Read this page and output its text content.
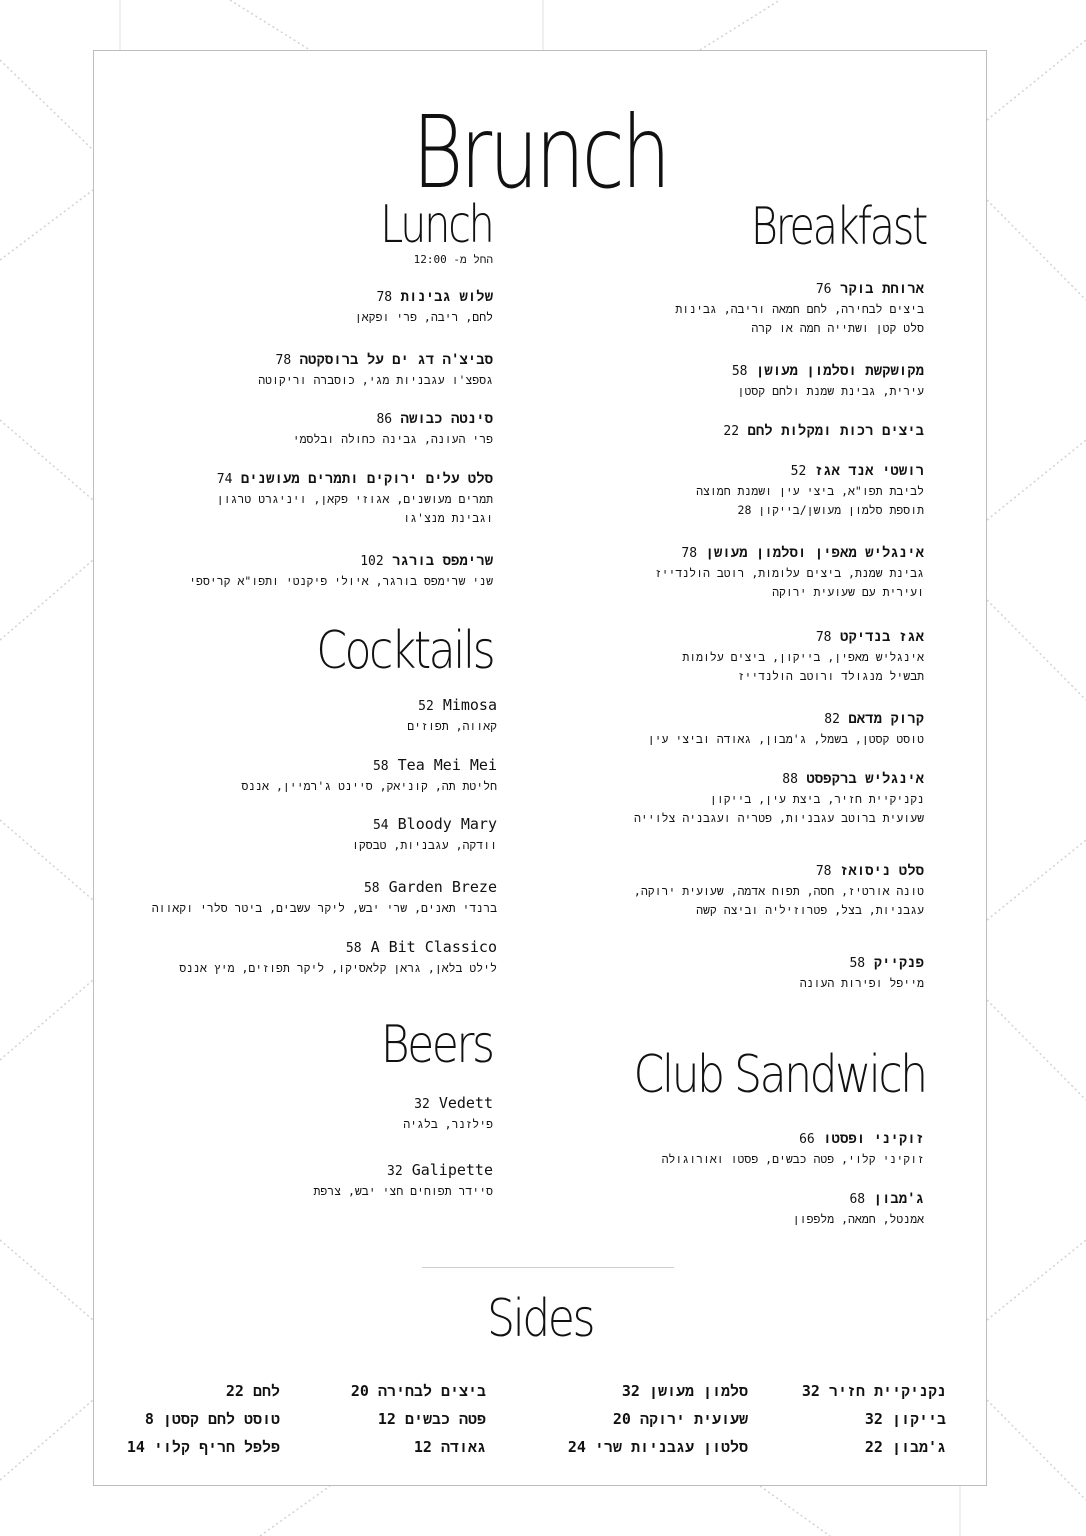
Brunch
Lunch
החל מ- 12:00
Cocktails
Beers
Breakfast
Club Sandwich
Sides
78 שלוש גבינות
לחם, ריבה, פרי ופקאן
78 סביצ'ה דג ים על ברוסקטה
גספצ'ו עגבניות מגי, כוסברה וריקוטה
86 סינטה כבושה
פרי העונה, גבינה כחולה ובלסמי
74 סלט עלים ירוקים ותמרים מעושנים
תמרים מעושנים, אגוזי פקאן, ויניגרט טרגון
וגבינת מנצ'גו
102 שרימפס בורגר
שני שרימפס בורגר, איולי פיקנטי ותפו"א קריספי
52 Mimosa
קאווה, תפוזים
58 Tea Mei Mei
חליטת תה, קוניאק, סיינט ג'רמיין, אננס
54 Bloody Mary
וודקה, עגבניות, טבסקו
58 Garden Breze
ברנדי תאנים, שרי יבש, ליקר עשבים, ביטר סלרי וקאווה
58 A Bit Classico
לילט בלאן, גראן קלאסיקו, ליקר תפוזים, מיץ אננס
32 Vedett
פילזנר, בלגיה
32 Galipette
סיידר תפוחים חצי יבש, צרפת
76 ארוחת בוקר
ביצים לבחירה, לחם חמאה וריבה, גבינות
סלט קטן ושתייה חמה או קרה
58 מקושקשת וסלמון מעושן
עירית, גבינת שמנת ולחם קסטן
22 ביצים רכות ומקלות לחם
52 רושטי אנד אגז
לביבת תפו"א, ביצי עין ושמנת חמוצה
תוספת סלמון מעושן/בייקון 28
78 אינגליש מאפין וסלמון מעושן
גבינת שמנת, ביצים עלומות, רוטב הולנדייז
ועירית עם שעועית ירוקה
78 אגז בנדיקט
אינגליש מאפין, בייקון, ביצים עלומות
תבשיל מנגולד ורוטב הולנדייז
82 קרוק מדאם
טוסט קסטן, בשמל, ג'מבון, גאודה וביצי עין
88 אינגליש ברקפסט
נקניקיית חזיר, ביצת עין, בייקון
שעועית ברוטב עגבניות, פטריה ועגבניה צלוייה
78 סלט ניסואז
טונה אורטיז, חסה, תפוח אדמה, שעועית ירוקה,
עגבניות, בצל, פטרוזיליה וביצה קשה
58 פנקייק
מייפל ופירות העונה
66 זוקיני ופסטו
זוקיני קלוי, פטה כבשים, פסטו ואורוגולה
68 ג'מבון
אמנטל, חמאה, מלפפון
נקניקיית חזיר 32
בייקון 32
ג'מבון 22
סלמון מעושן 32
שעועית ירוקה 20
סלטון עגבניות שרי 24
ביצים לבחירה 20
פטה כבשים 12
גאודה 12
לחם 22
טוסט לחם קסטן 8
פלפל חריף קלוי 14
